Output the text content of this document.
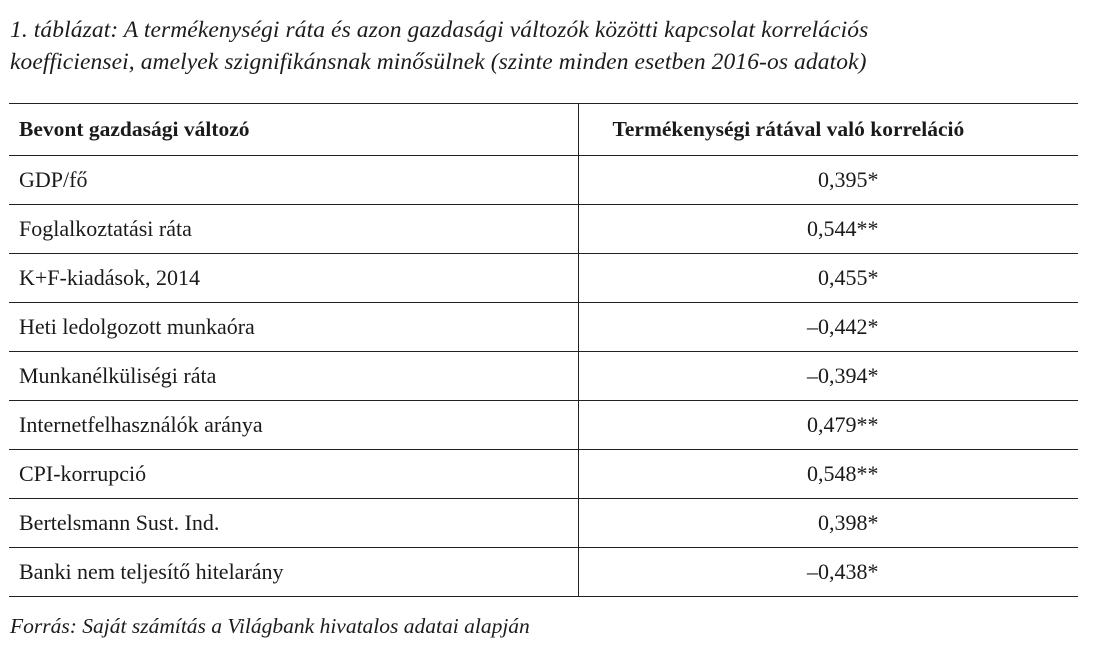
1. táblázat: A termékenységi ráta és azon gazdasági változók közötti kapcsolat korrelációs
koefficiensei, amelyek szignifikánsnak minősülnek (szinte minden esetben 2016-os adatok)
Bevont gazdasági változó	Termékenységi rátával való korreláció
GDP/fő	0,395*
Foglalkoztatási ráta	0,544**
K+F-kiadások, 2014	0,455*
Heti ledolgozott munkaóra	–0,442*
Munkanélküliségi ráta	–0,394*
Internetfelhasználók aránya	0,479**
CPI-korrupció	0,548**
Bertelsmann Sust. Ind.	0,398*
Banki nem teljesítő hitelarány	–0,438*
Forrás: Saját számítás a Világbank hivatalos adatai alapján
